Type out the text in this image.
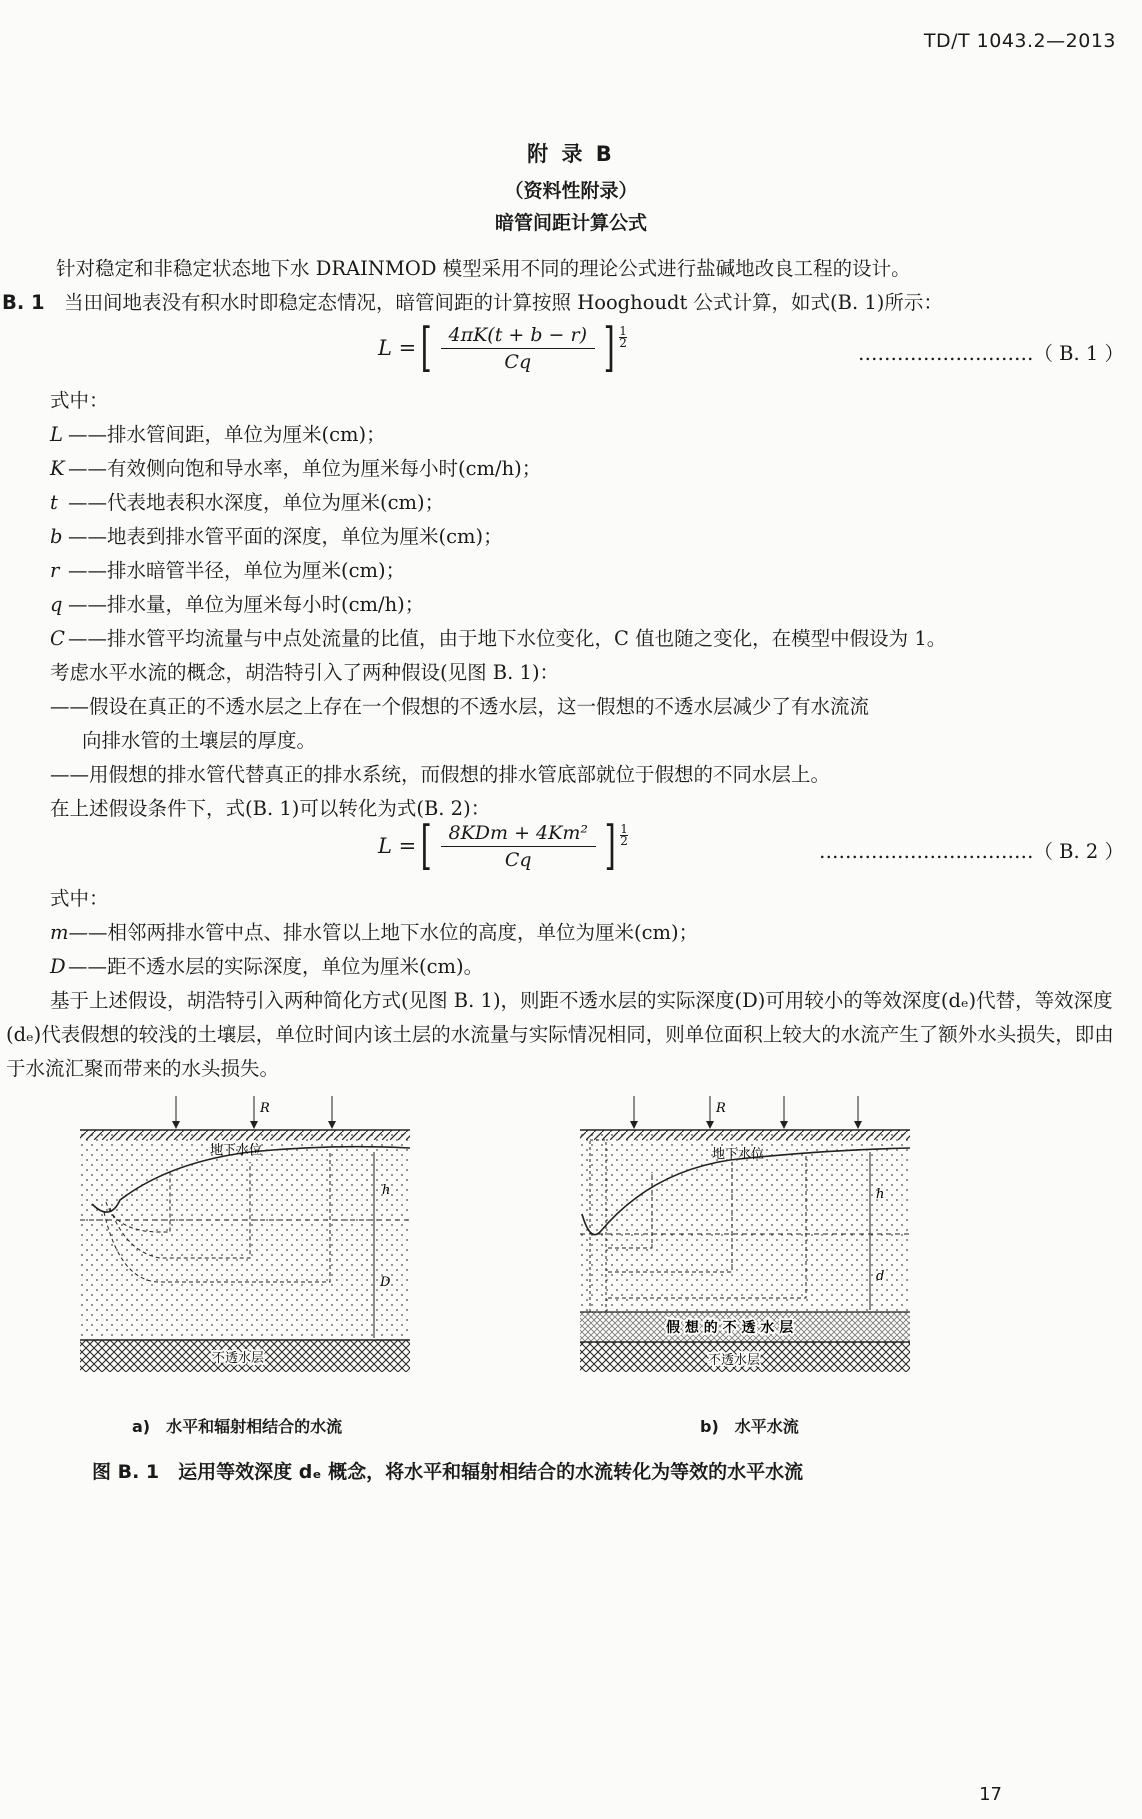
TD/T 1043.2—2013
附 录 B
（资料性附录）
暗管间距计算公式
针对稳定和非稳定状态地下水 DRAINMOD 模型采用不同的理论公式进行盐碱地改良工程的设计。
B. 1 当田间地表没有积水时即稳定态情况，暗管间距的计算按照 Hooghoudt 公式计算，如式(B. 1)所示：
L = [ $\frac{4\pi K(t + b - r)}{Cq}$ ] $\frac{1}{2}$
………………………（ B. 1 ）
式中：
L ——排水管间距，单位为厘米(cm)；
K ——有效侧向饱和导水率，单位为厘米每小时(cm/h)；
t ——代表地表积水深度，单位为厘米(cm)；
b ——地表到排水管平面的深度，单位为厘米(cm)；
r ——排水暗管半径，单位为厘米(cm)；
q ——排水量，单位为厘米每小时(cm/h)；
C ——排水管平均流量与中点处流量的比值，由于地下水位变化，C 值也随之变化，在模型中假设为 1。
考虑水平水流的概念，胡浩特引入了两种假设(见图 B. 1)：
——假设在真正的不透水层之上存在一个假想的不透水层，这一假想的不透水层减少了有水流流
向排水管的土壤层的厚度。
——用假想的排水管代替真正的排水系统，而假想的排水管底部就位于假想的不同水层上。
在上述假设条件下，式(B. 1)可以转化为式(B. 2)：
L = [ $\frac{\text{8KDm + 4Km²}}{Cq}$ ] $\frac{1}{2}$
……………………………（ B. 2 ）
式中：
m——相邻两排水管中点、排水管以上地下水位的高度，单位为厘米(cm)；
D ——距不透水层的实际深度，单位为厘米(cm)。
基于上述假设，胡浩特引入两种简化方式(见图 B. 1)，则距不透水层的实际深度(D)可用较小的等效深度(dₑ)代替，等效深度(dₑ)代表假想的较浅的土壤层，单位时间内该土层的水流量与实际情况相同，则单位面积上较大的水流产生了额外水头损失，即由于水流汇聚而带来的水头损失。
R
地下水位
h
D
不透水层
R
地下水位
h
d
假 想 的 不 透 水 层
不透水层
a)　水平和辐射相结合的水流	b)　水平水流
图 B. 1　运用等效深度 dₑ 概念，将水平和辐射相结合的水流转化为等效的水平水流
17
